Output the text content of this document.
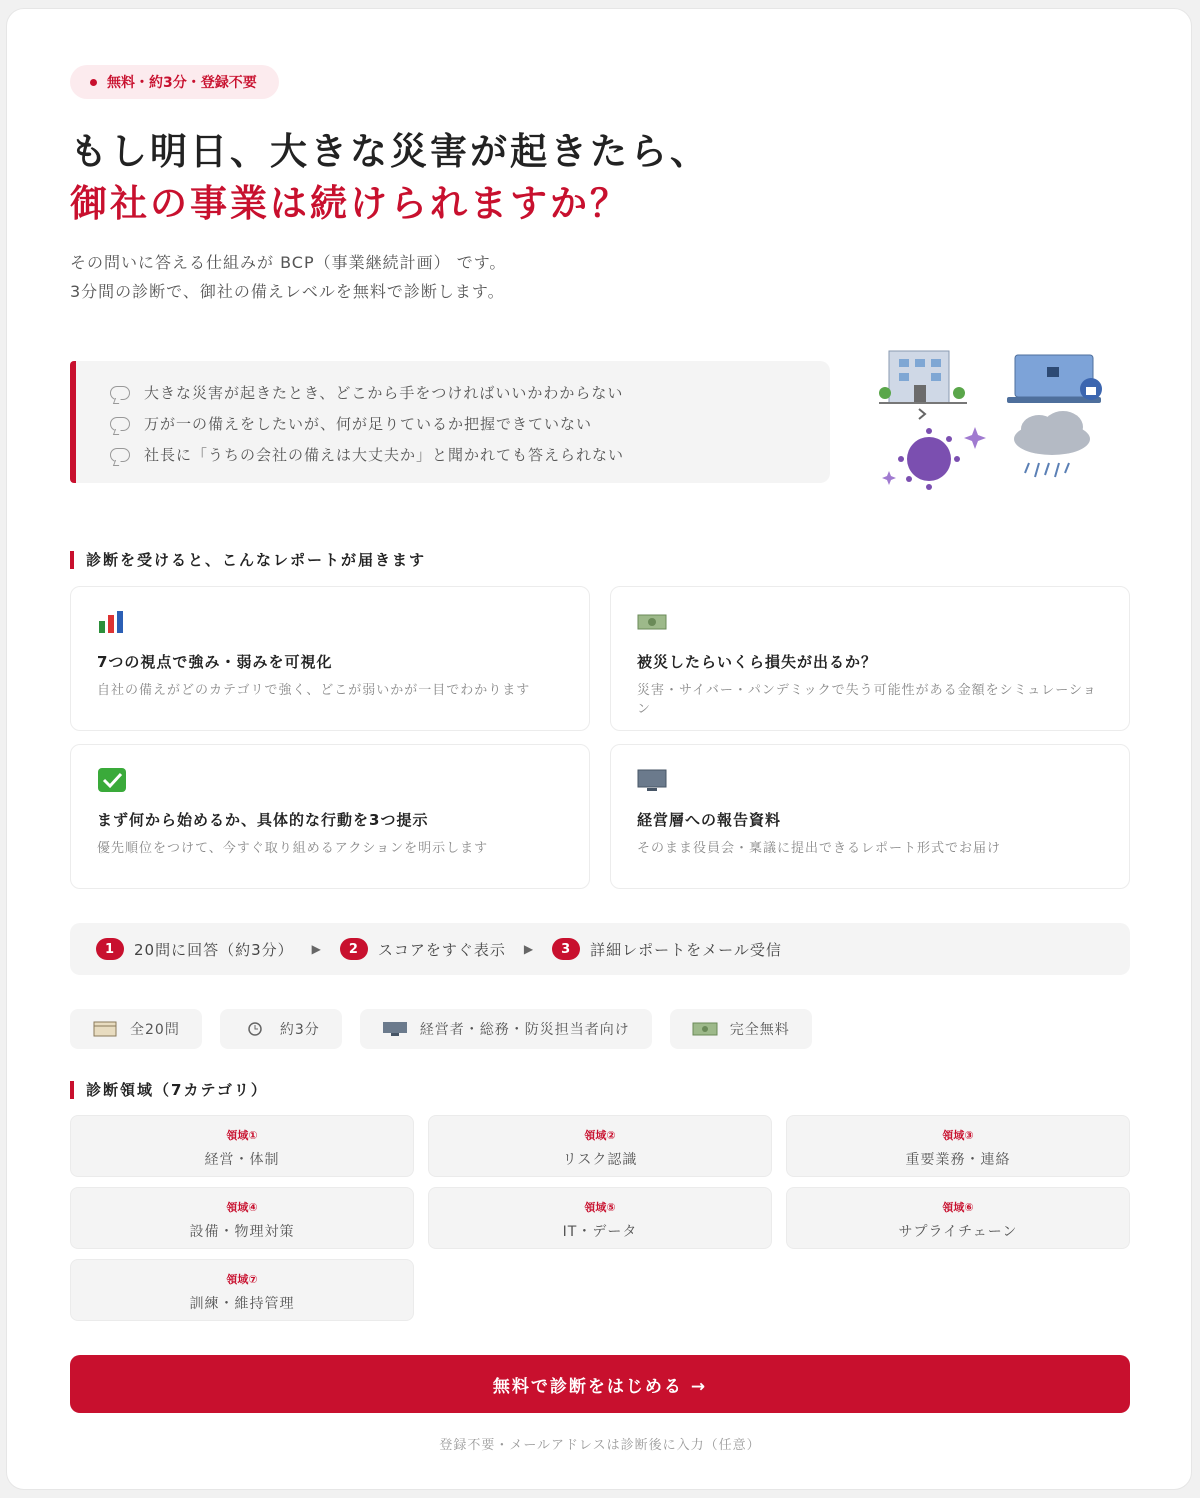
無料・約3分・登録不要
もし明日、大きな災害が起きたら、
御社の事業は続けられますか？
その問いに答える仕組みが BCP（事業継続計画） です。
3分間の診断で、御社の備えレベルを無料で診断します。
大きな災害が起きたとき、どこから手をつければいいかわからない
万が一の備えをしたいが、何が足りているか把握できていない
社長に「うちの会社の備えは大丈夫か」と聞かれても答えられない
診断を受けると、こんなレポートが届きます
7つの視点で強み・弱みを可視化
自社の備えがどのカテゴリで強く、どこが弱いかが一目でわかります
被災したらいくら損失が出るか？
災害・サイバー・パンデミックで失う可能性がある金額をシミュレーション
まず何から始めるか、具体的な行動を3つ提示
優先順位をつけて、今すぐ取り組めるアクションを明示します
経営層への報告資料
そのまま役員会・稟議に提出できるレポート形式でお届け
1	20問に回答（約3分） ▶	2	スコアをすぐ表示 ▶	3	詳細レポートをメール受信
全20問	約3分	経営者・総務・防災担当者向け	完全無料
診断領域（7カテゴリ）
領域①
経営・体制
領域②
リスク認識
領域③
重要業務・連絡
領域④
設備・物理対策
領域⑤
IT・データ
領域⑥
サプライチェーン
領域⑦
訓練・維持管理
無料で診断をはじめる →
登録不要・メールアドレスは診断後に入力（任意）
